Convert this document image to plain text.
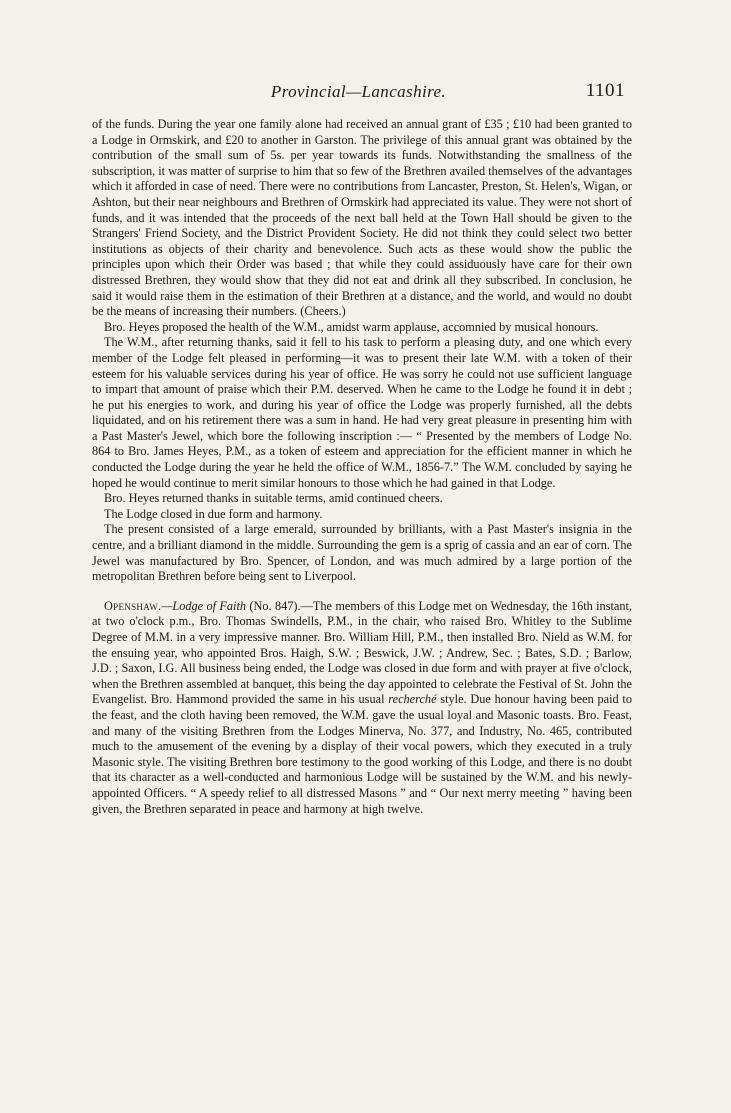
Provincial—Lancashire.	1101

of the funds. During the year one family alone had received an annual grant of £35 ; £10 had been granted to a Lodge in Ormskirk, and £20 to another in Garston. The privilege of this annual grant was obtained by the contribution of the small sum of 5s. per year towards its funds. Notwithstanding the smallness of the subscription, it was matter of surprise to him that so few of the Brethren availed themselves of the advantages which it afforded in case of need. There were no contributions from Lancaster, Preston, St. Helen's, Wigan, or Ashton, but their near neighbours and Brethren of Ormskirk had appreciated its value. They were not short of funds, and it was intended that the proceeds of the next ball held at the Town Hall should be given to the Strangers' Friend Society, and the District Provident Society. He did not think they could select two better institutions as objects of their charity and benevolence. Such acts as these would show the public the principles upon which their Order was based ; that while they could assiduously have care for their own distressed Brethren, they would show that they did not eat and drink all they subscribed. In conclusion, he said it would raise them in the estimation of their Brethren at a distance, and the world, and would no doubt be the means of increasing their numbers. (Cheers.)

Bro. Heyes proposed the health of the W.M., amidst warm applause, accomnied by musical honours.

The W.M., after returning thanks, said it fell to his task to perform a pleasing duty, and one which every member of the Lodge felt pleased in performing—it was to present their late W.M. with a token of their esteem for his valuable services during his year of office. He was sorry he could not use sufficient language to impart that amount of praise which their P.M. deserved. When he came to the Lodge he found it in debt ; he put his energies to work, and during his year of office the Lodge was properly furnished, all the debts liquidated, and on his retirement there was a sum in hand. He had very great pleasure in presenting him with a Past Master's Jewel, which bore the following inscription :— “ Presented by the members of Lodge No. 864 to Bro. James Heyes, P.M., as a token of esteem and appreciation for the efficient manner in which he conducted the Lodge during the year he held the office of W.M., 1856-7.” The W.M. concluded by saying he hoped he would continue to merit similar honours to those which he had gained in that Lodge.

Bro. Heyes returned thanks in suitable terms, amid continued cheers.

The Lodge closed in due form and harmony.

The present consisted of a large emerald, surrounded by brilliants, with a Past Master's insignia in the centre, and a brilliant diamond in the middle. Surrounding the gem is a sprig of cassia and an ear of corn. The Jewel was manufactured by Bro. Spencer, of London, and was much admired by a large portion of the metropolitan Brethren before being sent to Liverpool.

Openshaw.—Lodge of Faith (No. 847).—The members of this Lodge met on Wednesday, the 16th instant, at two o'clock p.m., Bro. Thomas Swindells, P.M., in the chair, who raised Bro. Whitley to the Sublime Degree of M.M. in a very impressive manner. Bro. William Hill, P.M., then installed Bro. Nield as W.M. for the ensuing year, who appointed Bros. Haigh, S.W. ; Beswick, J.W. ; Andrew, Sec. ; Bates, S.D. ; Barlow, J.D. ; Saxon, I.G. All business being ended, the Lodge was closed in due form and with prayer at five o'clock, when the Brethren assembled at banquet, this being the day appointed to celebrate the Festival of St. John the Evangelist. Bro. Hammond provided the same in his usual recherché style. Due honour having been paid to the feast, and the cloth having been removed, the W.M. gave the usual loyal and Masonic toasts. Bro. Feast, and many of the visiting Brethren from the Lodges Minerva, No. 377, and Industry, No. 465, contributed much to the amusement of the evening by a display of their vocal powers, which they executed in a truly Masonic style. The visiting Brethren bore testimony to the good working of this Lodge, and there is no doubt that its character as a well-conducted and harmonious Lodge will be sustained by the W.M. and his newly-appointed Officers. “ A speedy relief to all distressed Masons ” and “ Our next merry meeting ” having been given, the Brethren separated in peace and harmony at high twelve.
